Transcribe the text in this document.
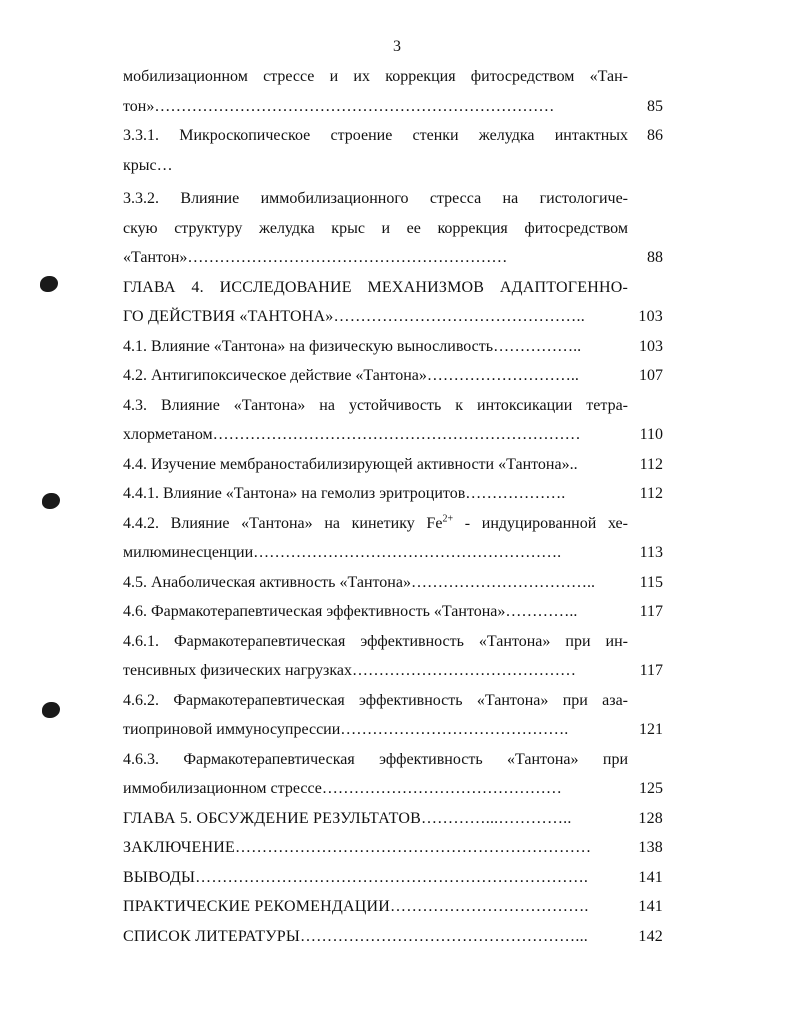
3
мобилизационном стрессе и их коррекция фитосредством «Тан-
тон»…………………………………………………………………	85
3.3.1. Микроскопическое строение стенки желудка интактных	86
крыс…
3.3.2. Влияние иммобилизационного стресса на гистологиче-
скую структуру желудка крыс и ее коррекция фитосредством
«Тантон»……………………………………………………	88
ГЛАВА 4. ИССЛЕДОВАНИЕ МЕХАНИЗМОВ АДАПТОГЕННО-
ГО ДЕЙСТВИЯ «ТАНТОНА»………………………………………..	103
4.1. Влияние «Тантона» на физическую выносливость……………..	103
4.2. Антигипоксическое действие «Тантона»………………………..	107
4.3. Влияние «Тантона» на устойчивость к интоксикации тетра-
хлорметаном……………………………………………………………	110
4.4. Изучение мембраностабилизирующей активности «Тантона»..	112
4.4.1. Влияние «Тантона» на гемолиз эритроцитов……………….	112
4.4.2. Влияние «Тантона» на кинетику $Fe^{2+}$ - индуцированной хе-
милюминесценции………………………………………………….	113
4.5. Анаболическая активность «Тантона»……………………………..	115
4.6. Фармакотерапевтическая эффективность «Тантона»…………..	117
4.6.1. Фармакотерапевтическая эффективность «Тантона» при ин-
тенсивных физических нагрузках……………………………………	117
4.6.2. Фармакотерапевтическая эффективность «Тантона» при аза-
тиоприновой иммуносупрессии…………………………………….	121
4.6.3. Фармакотерапевтическая эффективность «Тантона» при
иммобилизационном стрессе………………………………………	125
ГЛАВА 5. ОБСУЖДЕНИЕ РЕЗУЛЬТАТОВ…………...…………..	128
ЗАКЛЮЧЕНИЕ…………………………………………………………	138
ВЫВОДЫ……………………………………………………………….	141
ПРАКТИЧЕСКИЕ РЕКОМЕНДАЦИИ……………………………….	141
СПИСОК ЛИТЕРАТУРЫ……………………………………………...	142
